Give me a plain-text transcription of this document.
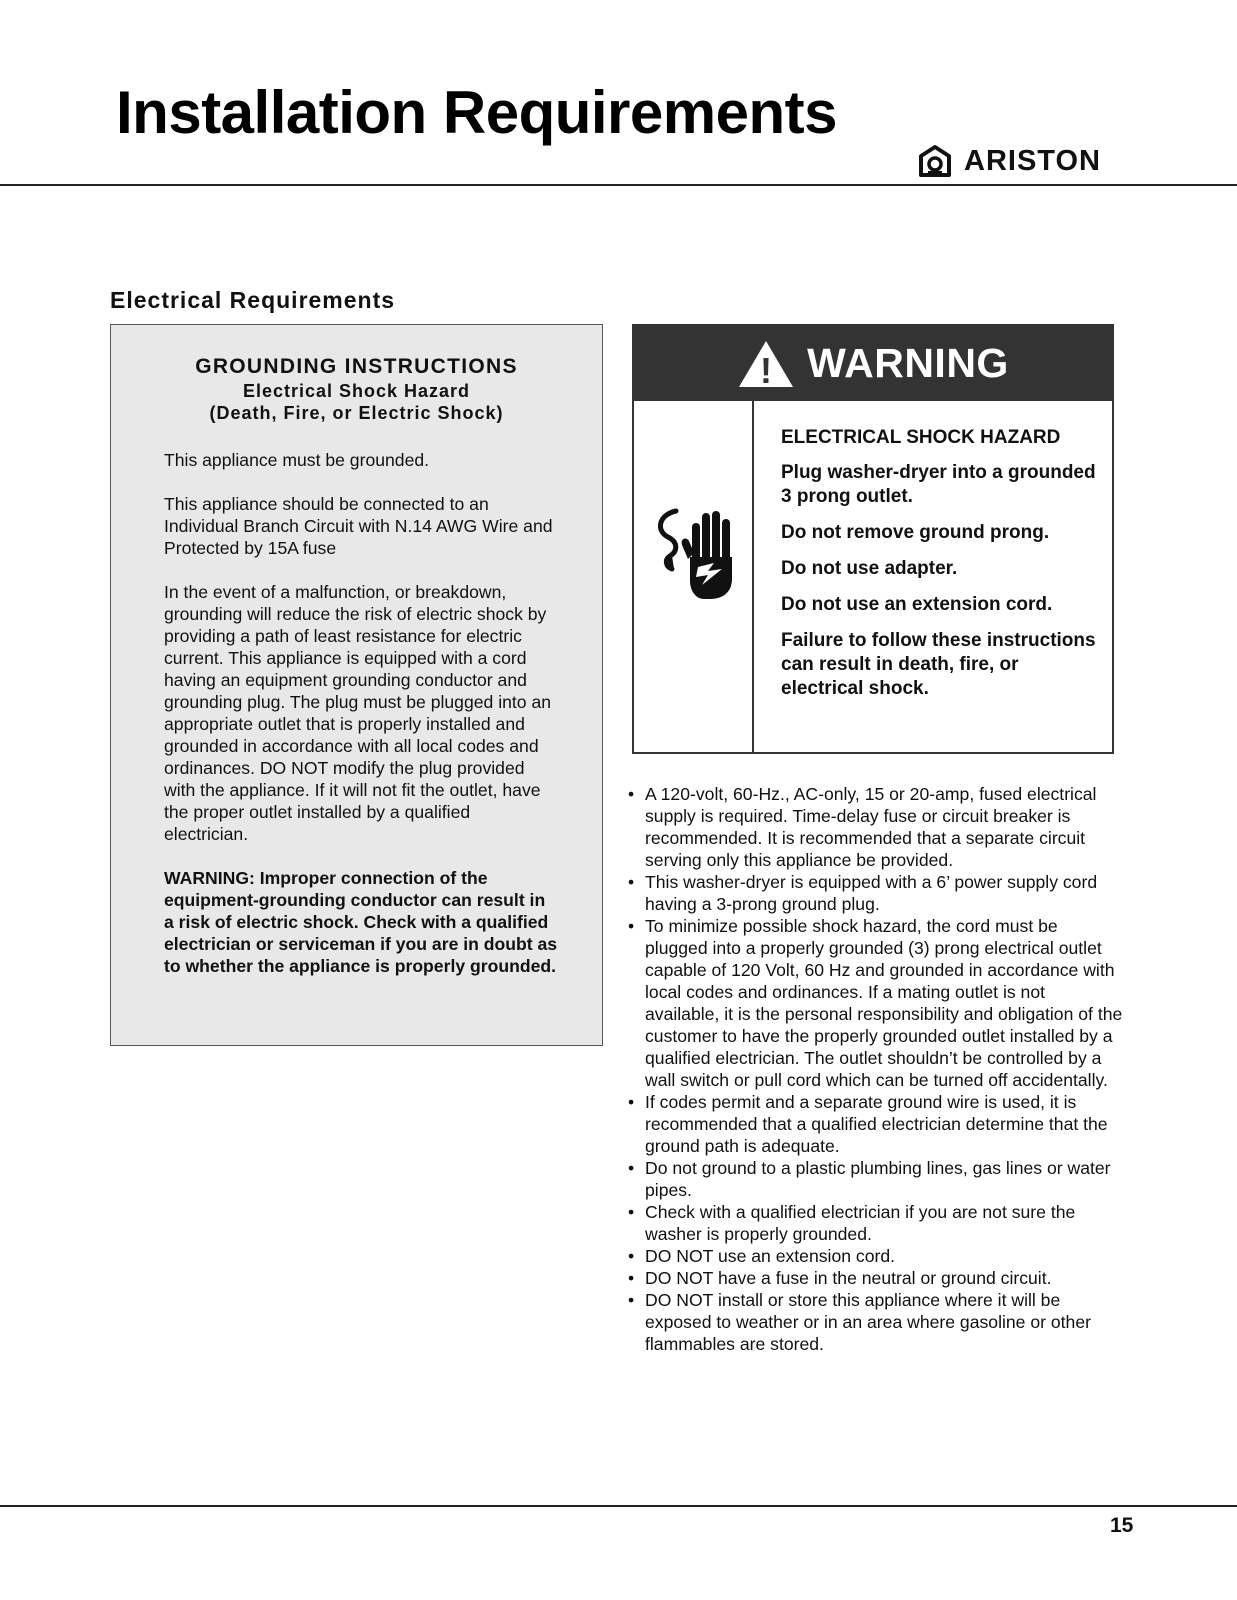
Installation Requirements
ARISTON
Electrical Requirements
GROUNDING INSTRUCTIONS
Electrical Shock Hazard
(Death, Fire, or Electric Shock)

This appliance must be grounded.

This appliance should be connected to an Individual Branch Circuit with N.14 AWG Wire and Protected by 15A fuse

In the event of a malfunction, or breakdown, grounding will reduce the risk of electric shock by providing a path of least resistance for electric current. This appliance is equipped with a cord having an equipment grounding conductor and grounding plug. The plug must be plugged into an appropriate outlet that is properly installed and grounded in accordance with all local codes and ordinances. DO NOT modify the plug provided with the appliance. If it will not fit the outlet, have the proper outlet installed by a qualified electrician.

WARNING: Improper connection of the equipment-grounding conductor can result in a risk of electric shock. Check with a qualified electrician or serviceman if you are in doubt as to whether the appliance is properly grounded.

! WARNING
ELECTRICAL SHOCK HAZARD

Plug washer-dryer into a grounded 3 prong outlet.

Do not remove ground prong.

Do not use adapter.

Do not use an extension cord.

Failure to follow these instructions can result in death, fire, or electrical shock.

• A 120-volt, 60-Hz., AC-only, 15 or 20-amp, fused electrical supply is required. Time-delay fuse or circuit breaker is recommended. It is recommended that a separate circuit serving only this appliance be provided.
• This washer-dryer is equipped with a 6’ power supply cord having a 3-prong ground plug.
• To minimize possible shock hazard, the cord must be plugged into a properly grounded (3) prong electrical outlet capable of 120 Volt, 60 Hz and grounded in accordance with local codes and ordinances. If a mating outlet is not available, it is the personal responsibility and obligation of the customer to have the properly grounded outlet installed by a qualified electrician. The outlet shouldn’t be controlled by a wall switch or pull cord which can be turned off accidentally.
• If codes permit and a separate ground wire is used, it is recommended that a qualified electrician determine that the ground path is adequate.
• Do not ground to a plastic plumbing lines, gas lines or water pipes.
• Check with a qualified electrician if you are not sure the washer is properly grounded.
• DO NOT use an extension cord.
• DO NOT have a fuse in the neutral or ground circuit.
• DO NOT install or store this appliance where it will be exposed to weather or in an area where gasoline or other flammables are stored.
15
